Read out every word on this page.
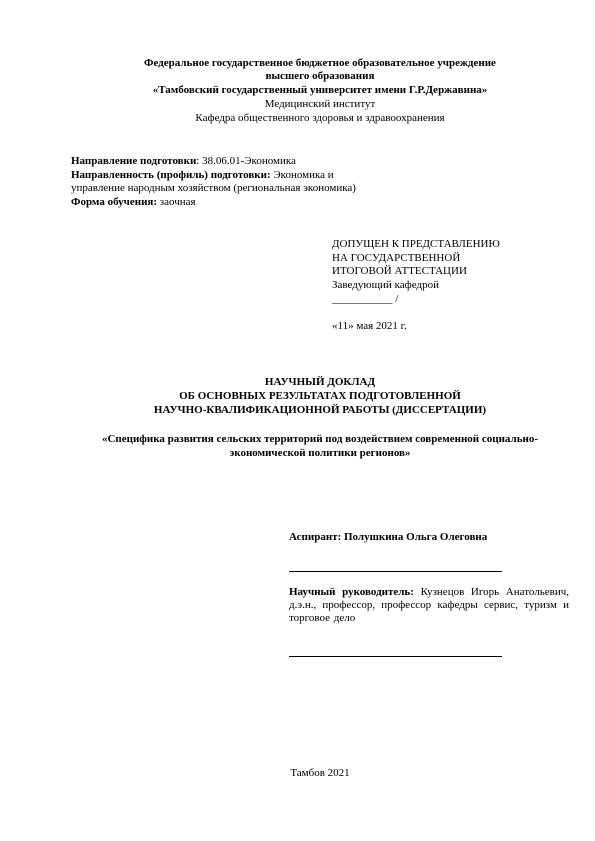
Федеральное государственное бюджетное образовательное учреждение
высшего образования
«Тамбовский государственный университет имени Г.Р.Державина»
Медицинский институт
Кафедра общественного здоровья и здравоохранения
Направление подготовки: 38.06.01-Экономика
Направленность (профиль) подготовки: Экономика и
управление народным хозяйством (региональная экономика)
Форма обучения: заочная
ДОПУЩЕН К ПРЕДСТАВЛЕНИЮ
НА ГОСУДАРСТВЕННОЙ
ИТОГОВОЙ АТТЕСТАЦИИ
Заведующий кафедрой
___________ /
«11» мая 2021 г.
НАУЧНЫЙ ДОКЛАД
ОБ ОСНОВНЫХ РЕЗУЛЬТАТАХ ПОДГОТОВЛЕННОЙ
НАУЧНО-КВАЛИФИКАЦИОННОЙ РАБОТЫ (ДИССЕРТАЦИИ)
«Специфика развития сельских территорий под воздействием современной социально-
экономической политики регионов»
Аспирант: Полушкина Ольга Олеговна
Научный руководитель: Кузнецов Игорь Анатольевич, д.э.н., профессор, профессор кафедры сервис, туризм и торговое дело
Тамбов 2021
